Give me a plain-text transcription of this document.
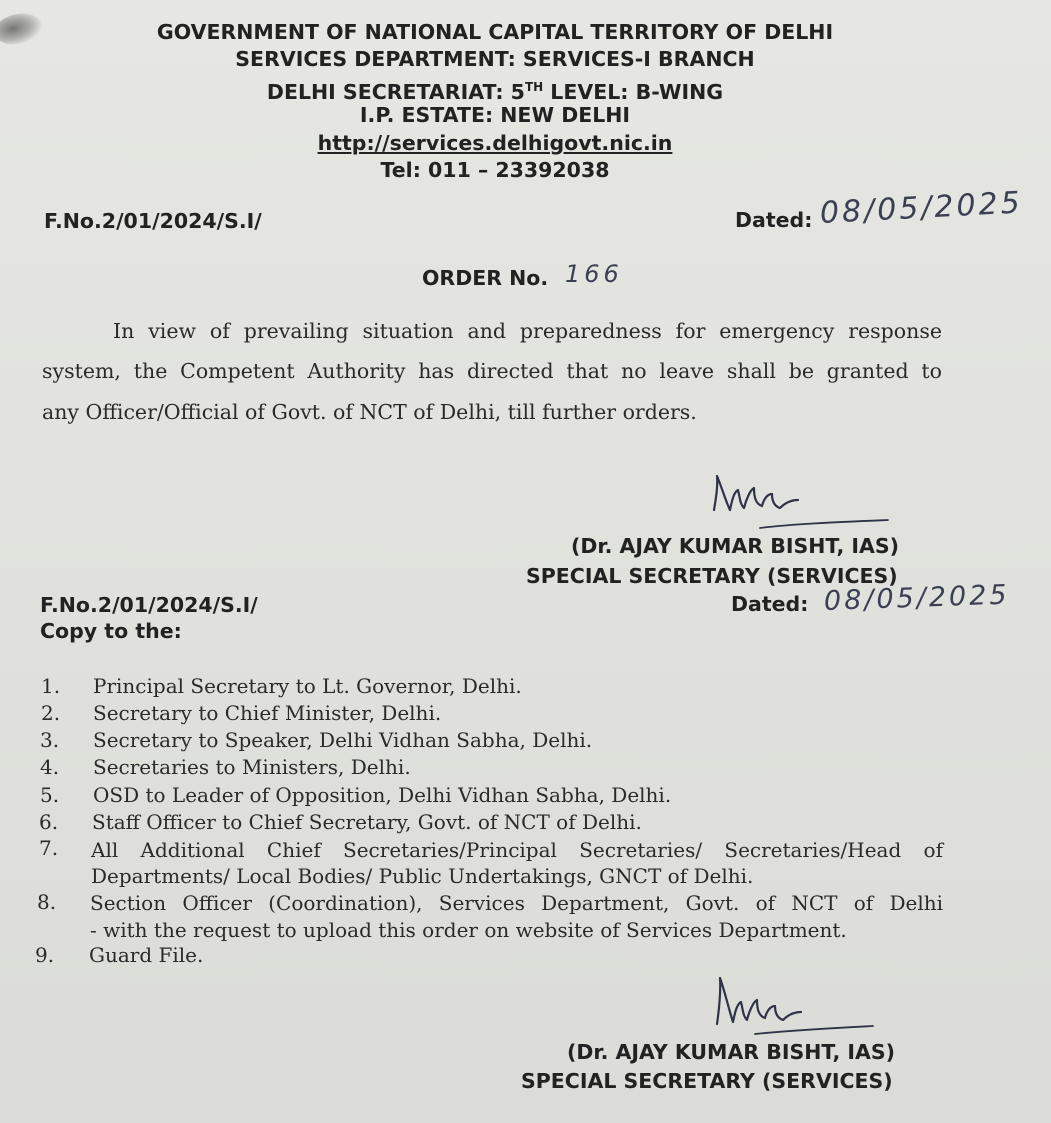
GOVERNMENT OF NATIONAL CAPITAL TERRITORY OF DELHI
SERVICES DEPARTMENT: SERVICES-I BRANCH
DELHI SECRETARIAT: 5TH LEVEL: B-WING
I.P. ESTATE: NEW DELHI
http://services.delhigovt.nic.in
Tel: 011 – 23392038
F.No.2/01/2024/S.I/	Dated: 08/05/2025
ORDER No. 166
In view of prevailing situation and preparedness for emergency response
system, the Competent Authority has directed that no leave shall be granted to
any Officer/Official of Govt. of NCT of Delhi, till further orders.
(Dr. AJAY KUMAR BISHT, IAS)
SPECIAL SECRETARY (SERVICES)
F.No.2/01/2024/S.I/	Dated: 08/05/2025
Copy to the:
1. Principal Secretary to Lt. Governor, Delhi.
2. Secretary to Chief Minister, Delhi.
3. Secretary to Speaker, Delhi Vidhan Sabha, Delhi.
4. Secretaries to Ministers, Delhi.
5. OSD to Leader of Opposition, Delhi Vidhan Sabha, Delhi.
6. Staff Officer to Chief Secretary, Govt. of NCT of Delhi.
7. All Additional Chief Secretaries/Principal Secretaries/ Secretaries/Head of
Departments/ Local Bodies/ Public Undertakings, GNCT of Delhi.
8. Section Officer (Coordination), Services Department, Govt. of NCT of Delhi
- with the request to upload this order on website of Services Department.
9. Guard File.
(Dr. AJAY KUMAR BISHT, IAS)
SPECIAL SECRETARY (SERVICES)
